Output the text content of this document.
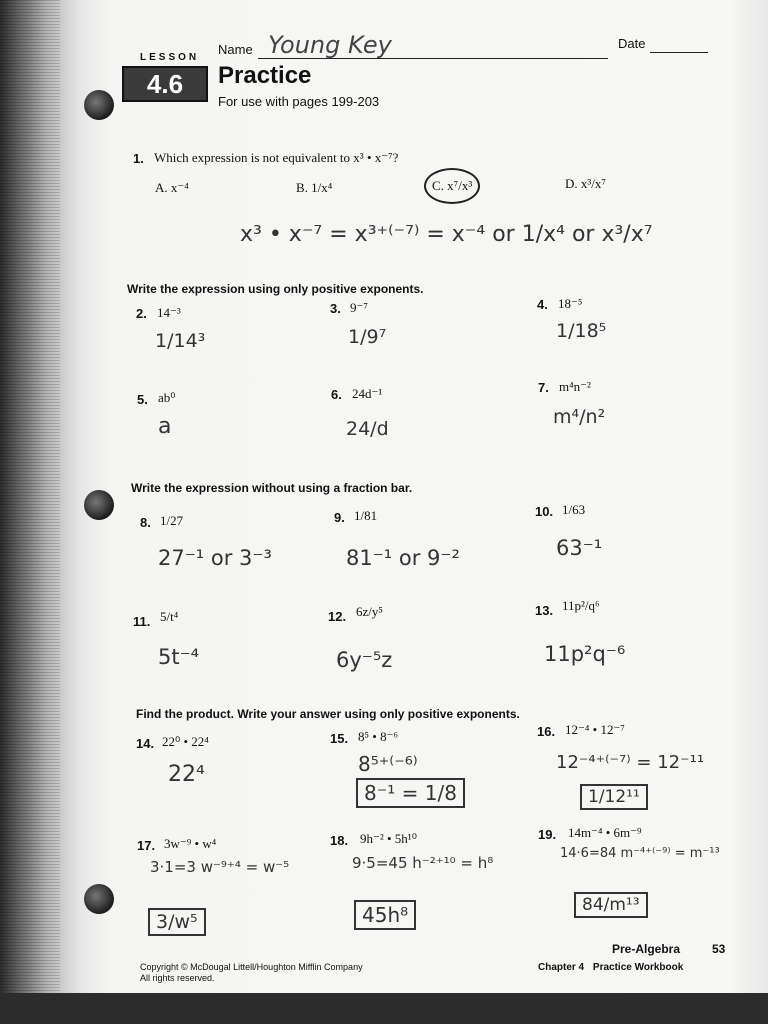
LESSON
4.6
Name Young Key	Date
Practice
For use with pages 199-203
1. Which expression is not equivalent to x³ • x⁻⁷?
A. x⁻⁴	B. 1/x⁴	C. x⁷/x³	D. x³/x⁷
x³ • x⁻⁷ = x³⁺⁽⁻⁷⁾ = x⁻⁴ or 1/x⁴ or x³/x⁷
Write the expression using only positive exponents.
2. 14⁻³
1/14³
3. 9⁻⁷
1/9⁷
4. 18⁻⁵
1/18⁵
5. ab⁰
a
6. 24d⁻¹
24/d
7. m⁴n⁻²
m⁴/n²
Write the expression without using a fraction bar.
8. 1/27
27⁻¹ or 3⁻³
9. 1/81
81⁻¹ or 9⁻²
10. 1/63
63⁻¹
11. 5/t⁴
5t⁻⁴
12. 6z/y⁵
6y⁻⁵z
13. 11p²/q⁶
11p²q⁻⁶
Find the product. Write your answer using only positive exponents.
14. 22⁰ • 22⁴
22⁴
15. 8⁵ • 8⁻⁶
8⁵⁺⁽⁻⁶⁾
8⁻¹ = 1/8
16. 12⁻⁴ • 12⁻⁷
12⁻⁴⁺⁽⁻⁷⁾ = 12⁻¹¹
1/12¹¹
17. 3w⁻⁹ • w⁴
3·1=3 w⁻⁹⁺⁴ = w⁻⁵
3/w⁵
18. 9h⁻² • 5h¹⁰
9·5=45 h⁻²⁺¹⁰ = h⁸
45h⁸
19. 14m⁻⁴ • 6m⁻⁹
14·6=84 m⁻⁴⁺⁽⁻⁹⁾ = m⁻¹³
84/m¹³
Copyright © McDougal Littell/Houghton Mifflin Company All rights reserved.
Pre-Algebra	53
Chapter 4 Practice Workbook
